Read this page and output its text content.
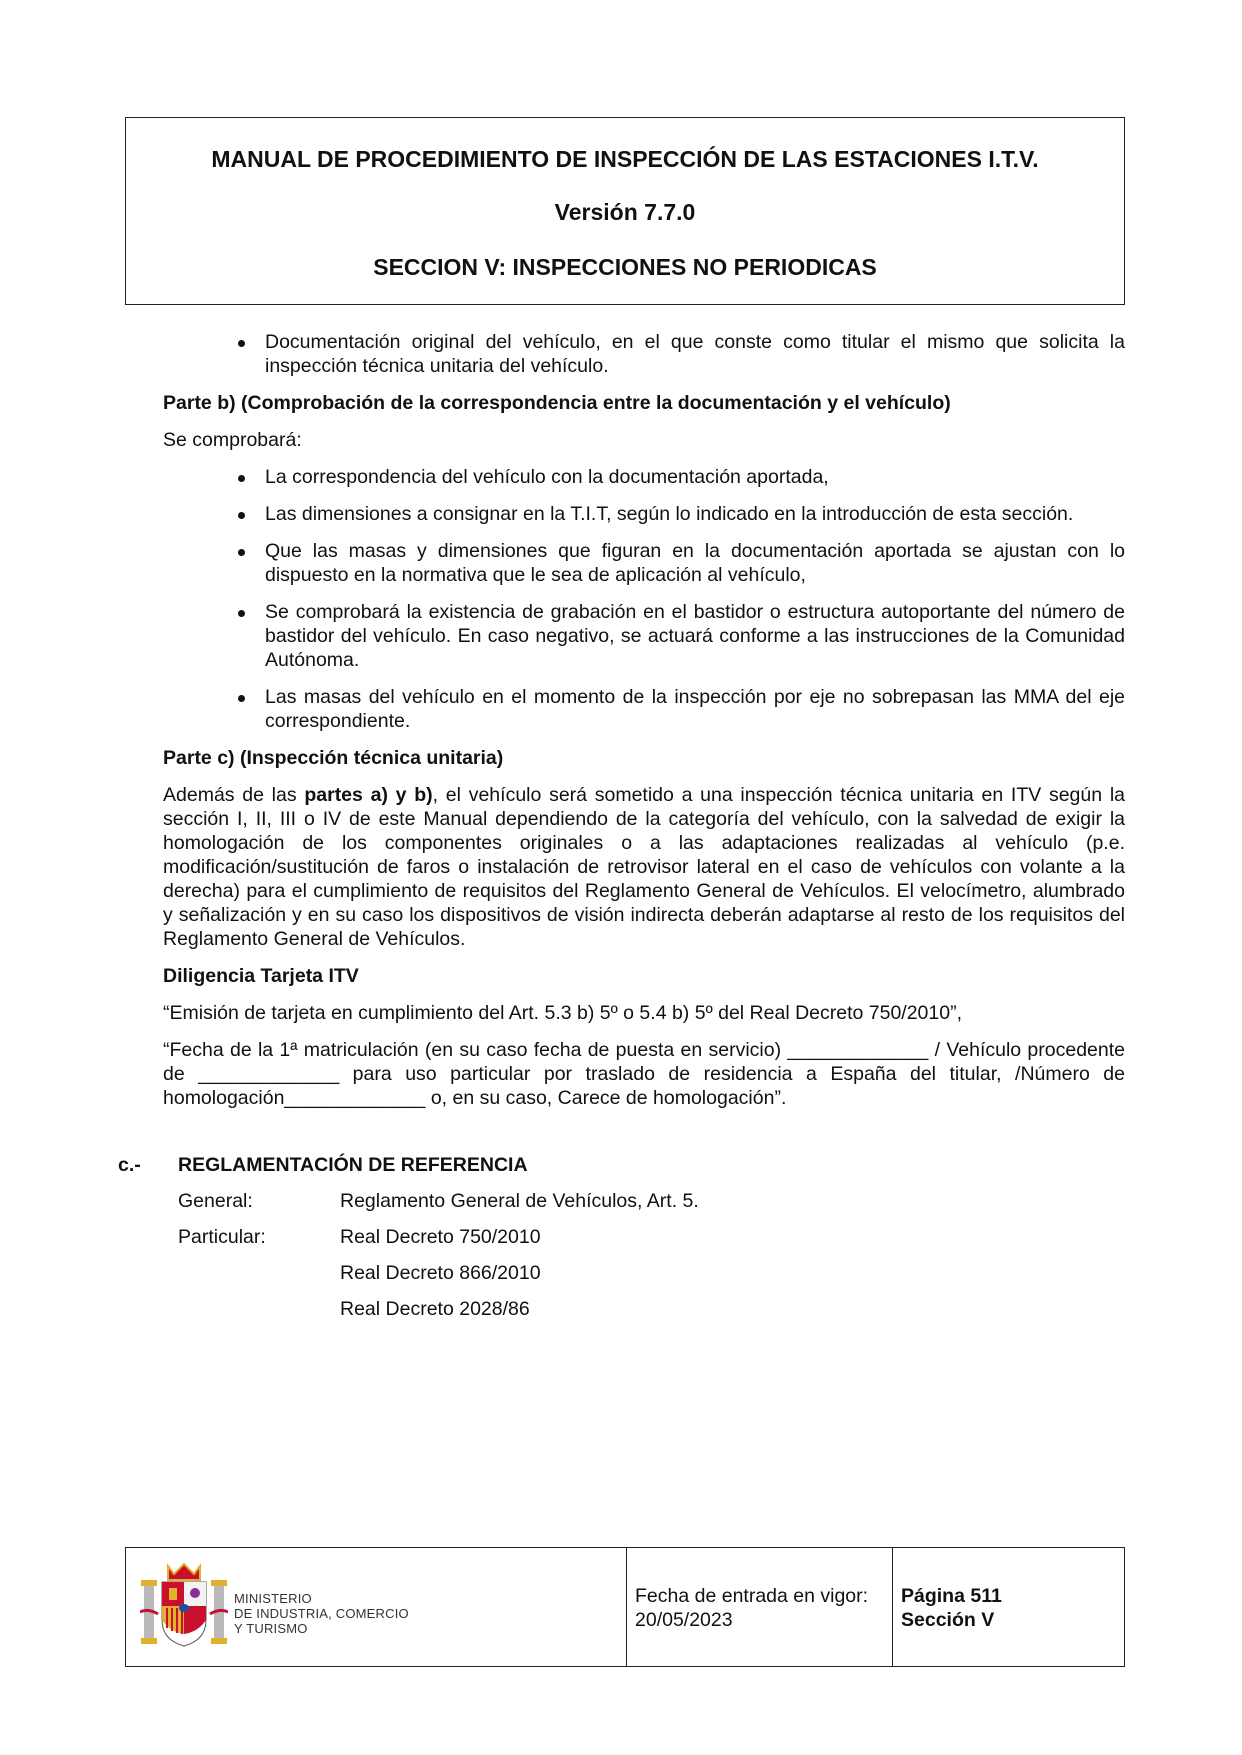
MANUAL DE PROCEDIMIENTO DE INSPECCIÓN DE LAS ESTACIONES I.T.V.
Versión 7.7.0
SECCION V: INSPECCIONES NO PERIODICAS
Documentación original del vehículo, en el que conste como titular el mismo que solicita la inspección técnica unitaria del vehículo.

Parte b) (Comprobación de la correspondencia entre la documentación y el vehículo)

Se comprobará:

La correspondencia del vehículo con la documentación aportada,
Las dimensiones a consignar en la T.I.T, según lo indicado en la introducción de esta sección.
Que las masas y dimensiones que figuran en la documentación aportada se ajustan con lo dispuesto en la normativa que le sea de aplicación al vehículo,
Se comprobará la existencia de grabación en el bastidor o estructura autoportante del número de bastidor del vehículo. En caso negativo, se actuará conforme a las instrucciones de la Comunidad Autónoma.
Las masas del vehículo en el momento de la inspección por eje no sobrepasan las MMA del eje correspondiente.

Parte c) (Inspección técnica unitaria)

Además de las partes a) y b), el vehículo será sometido a una inspección técnica unitaria en ITV según la sección I, II, III o IV de este Manual dependiendo de la categoría del vehículo, con la salvedad de exigir la homologación de los componentes originales o a las adaptaciones realizadas al vehículo (p.e. modificación/sustitución de faros o instalación de retrovisor lateral en el caso de vehículos con volante a la derecha) para el cumplimiento de requisitos del Reglamento General de Vehículos. El velocímetro, alumbrado y señalización y en su caso los dispositivos de visión indirecta deberán adaptarse al resto de los requisitos del Reglamento General de Vehículos.

Diligencia Tarjeta ITV

“Emisión de tarjeta en cumplimiento del Art. 5.3 b) 5º o 5.4 b) 5º del Real Decreto 750/2010”,

“Fecha de la 1ª matriculación (en su caso fecha de puesta en servicio) _____________ / Vehículo procedente de _____________ para uso particular por traslado de residencia a España del titular, /Número de homologación_____________ o, en su caso, Carece de homologación”.

c.-	REGLAMENTACIÓN DE REFERENCIA
General:	Reglamento General de Vehículos, Art. 5.
Particular:	Real Decreto 750/2010
Real Decreto 866/2010
Real Decreto 2028/86
MINISTERIO
DE INDUSTRIA, COMERCIO
Y TURISMO
Fecha de entrada en vigor:
20/05/2023
Página 511
Sección V
